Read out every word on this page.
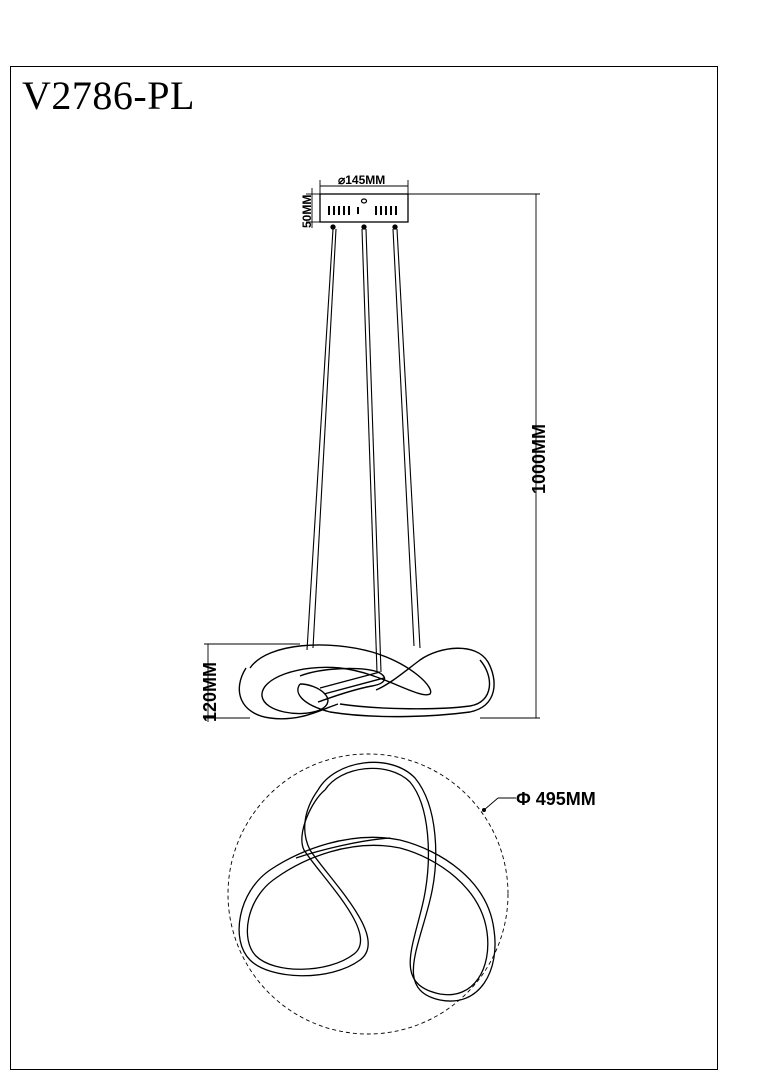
V2786-PL
⌀145MM
50MM
1000MM
120MM
Φ 495MM
